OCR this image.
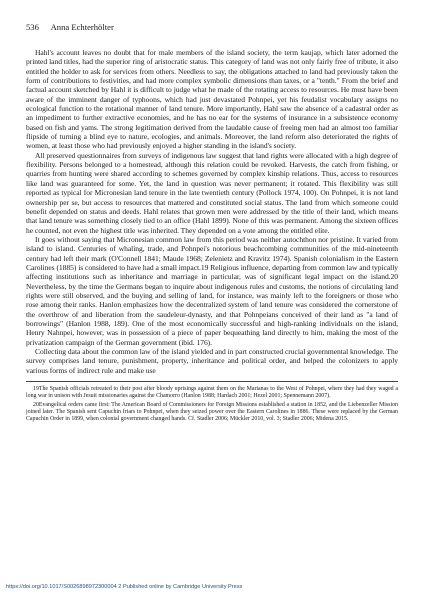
536 Anna Echterhölter

Hahl's account leaves no doubt that for male members of the island society, the term kaujap, which later adorned the printed land titles, had the superior ring of aristocratic status. This category of land was not only fairly free of tribute, it also entitled the holder to ask for services from others. Needless to say, the obligations attached to land had previously taken the form of contributions to festivities, and had more complex symbolic dimensions than taxes, or a "tenth." From the brief and factual account sketched by Hahl it is difficult to judge what he made of the rotating access to resources. He must have been aware of the imminent danger of typhoons, which had just devastated Pohnpei, yet his feudalist vocabulary assigns no ecological function to the rotational manner of land tenure. More importantly, Hahl saw the absence of a cadastral order as an impediment to further extractive economies, and he has no ear for the systems of insurance in a subsistence economy based on fish and yams. The strong legitimation derived from the laudable cause of freeing men had an almost too familiar flipside of turning a blind eye to nature, ecologies, and animals. Moreover, the land reform also deteriorated the rights of women, at least those who had previously enjoyed a higher standing in the island's society.

All preserved questionnaires from surveys of indigenous law suggest that land rights were allocated with a high degree of flexibility. Persons belonged to a homestead, although this relation could be revoked. Harvests, the catch from fishing, or quarries from hunting were shared according to schemes governed by complex kinship relations. Thus, access to resources like land was guaranteed for some. Yet, the land in question was never permanent; it rotated. This flexibility was still reported as typical for Micronesian land tenure in the late twentieth century (Pollock 1974, 100). On Pohnpei, it is not land ownership per se, but access to resources that mattered and constituted social status. The land from which someone could benefit depended on status and deeds. Hahl relates that grown men were addressed by the title of their land, which means that land tenure was something closely tied to an office (Hahl 1899). None of this was permanent. Among the sixteen offices he counted, not even the highest title was inherited. They depended on a vote among the entitled elite.

It goes without saying that Micronesian common law from this period was neither autochthon nor pristine. It varied from island to island. Centuries of whaling, trade, and Pohnpei's notorious beachcombing communities of the mid-nineteenth century had left their mark (O'Connell 1841; Maude 1968; Zelenietz and Kravitz 1974). Spanish colonialism in the Eastern Carolines (1885) is considered to have had a small impact.19 Religious influence, departing from common law and typically affecting institutions such as inheritance and marriage in particular, was of significant legal impact on the island.20 Nevertheless, by the time the Germans began to inquire about indigenous rules and customs, the notions of circulating land rights were still observed, and the buying and selling of land, for instance, was mainly left to the foreigners or those who rose among their ranks. Hanlon emphasizes how the decentralized system of land tenure was considered the cornerstone of the overthrow of and liberation from the saudeleur-dynasty, and that Pohnpeians conceived of their land as "a land of borrowings" (Hanlon 1988, 189). One of the most economically successful and high-ranking individuals on the island, Henry Nahnpei, however, was in possession of a piece of paper bequeathing land directly to him, making the most of the privatization campaign of the German government (ibid. 176).

Collecting data about the common law of the island yielded and in part constructed crucial governmental knowledge. The survey comprises land tenure, punishment, property, inheritance and political order, and helped the colonizers to apply various forms of indirect rule and make use

19The Spanish officials retreated to their post after bloody uprisings against them on the Marianas to the West of Pohnpei, where they had they waged a long war in unison with Jesuit missionaries against the Chamorro (Hanlon 1988; Hardach 2001; Hezel 2001; Spennemann 2007).

20Evangelical orders came first: The American Board of Commissioners for Foreign Missions established a station in 1852, and the Liebenzeller Mission joined later. The Spanish sent Capuchin friars to Pohnpei, when they seized power over the Eastern Carolines in 1886. These were replaced by the German Capuchin Order in 1899, when colonial government changed hands. Cf. Stadler 2006; Mückler 2010, vol. 3; Stadler 2006; Midena 2015.

https://doi.org/10.1017/S0026898972300004 2 Published online by Cambridge University Press
